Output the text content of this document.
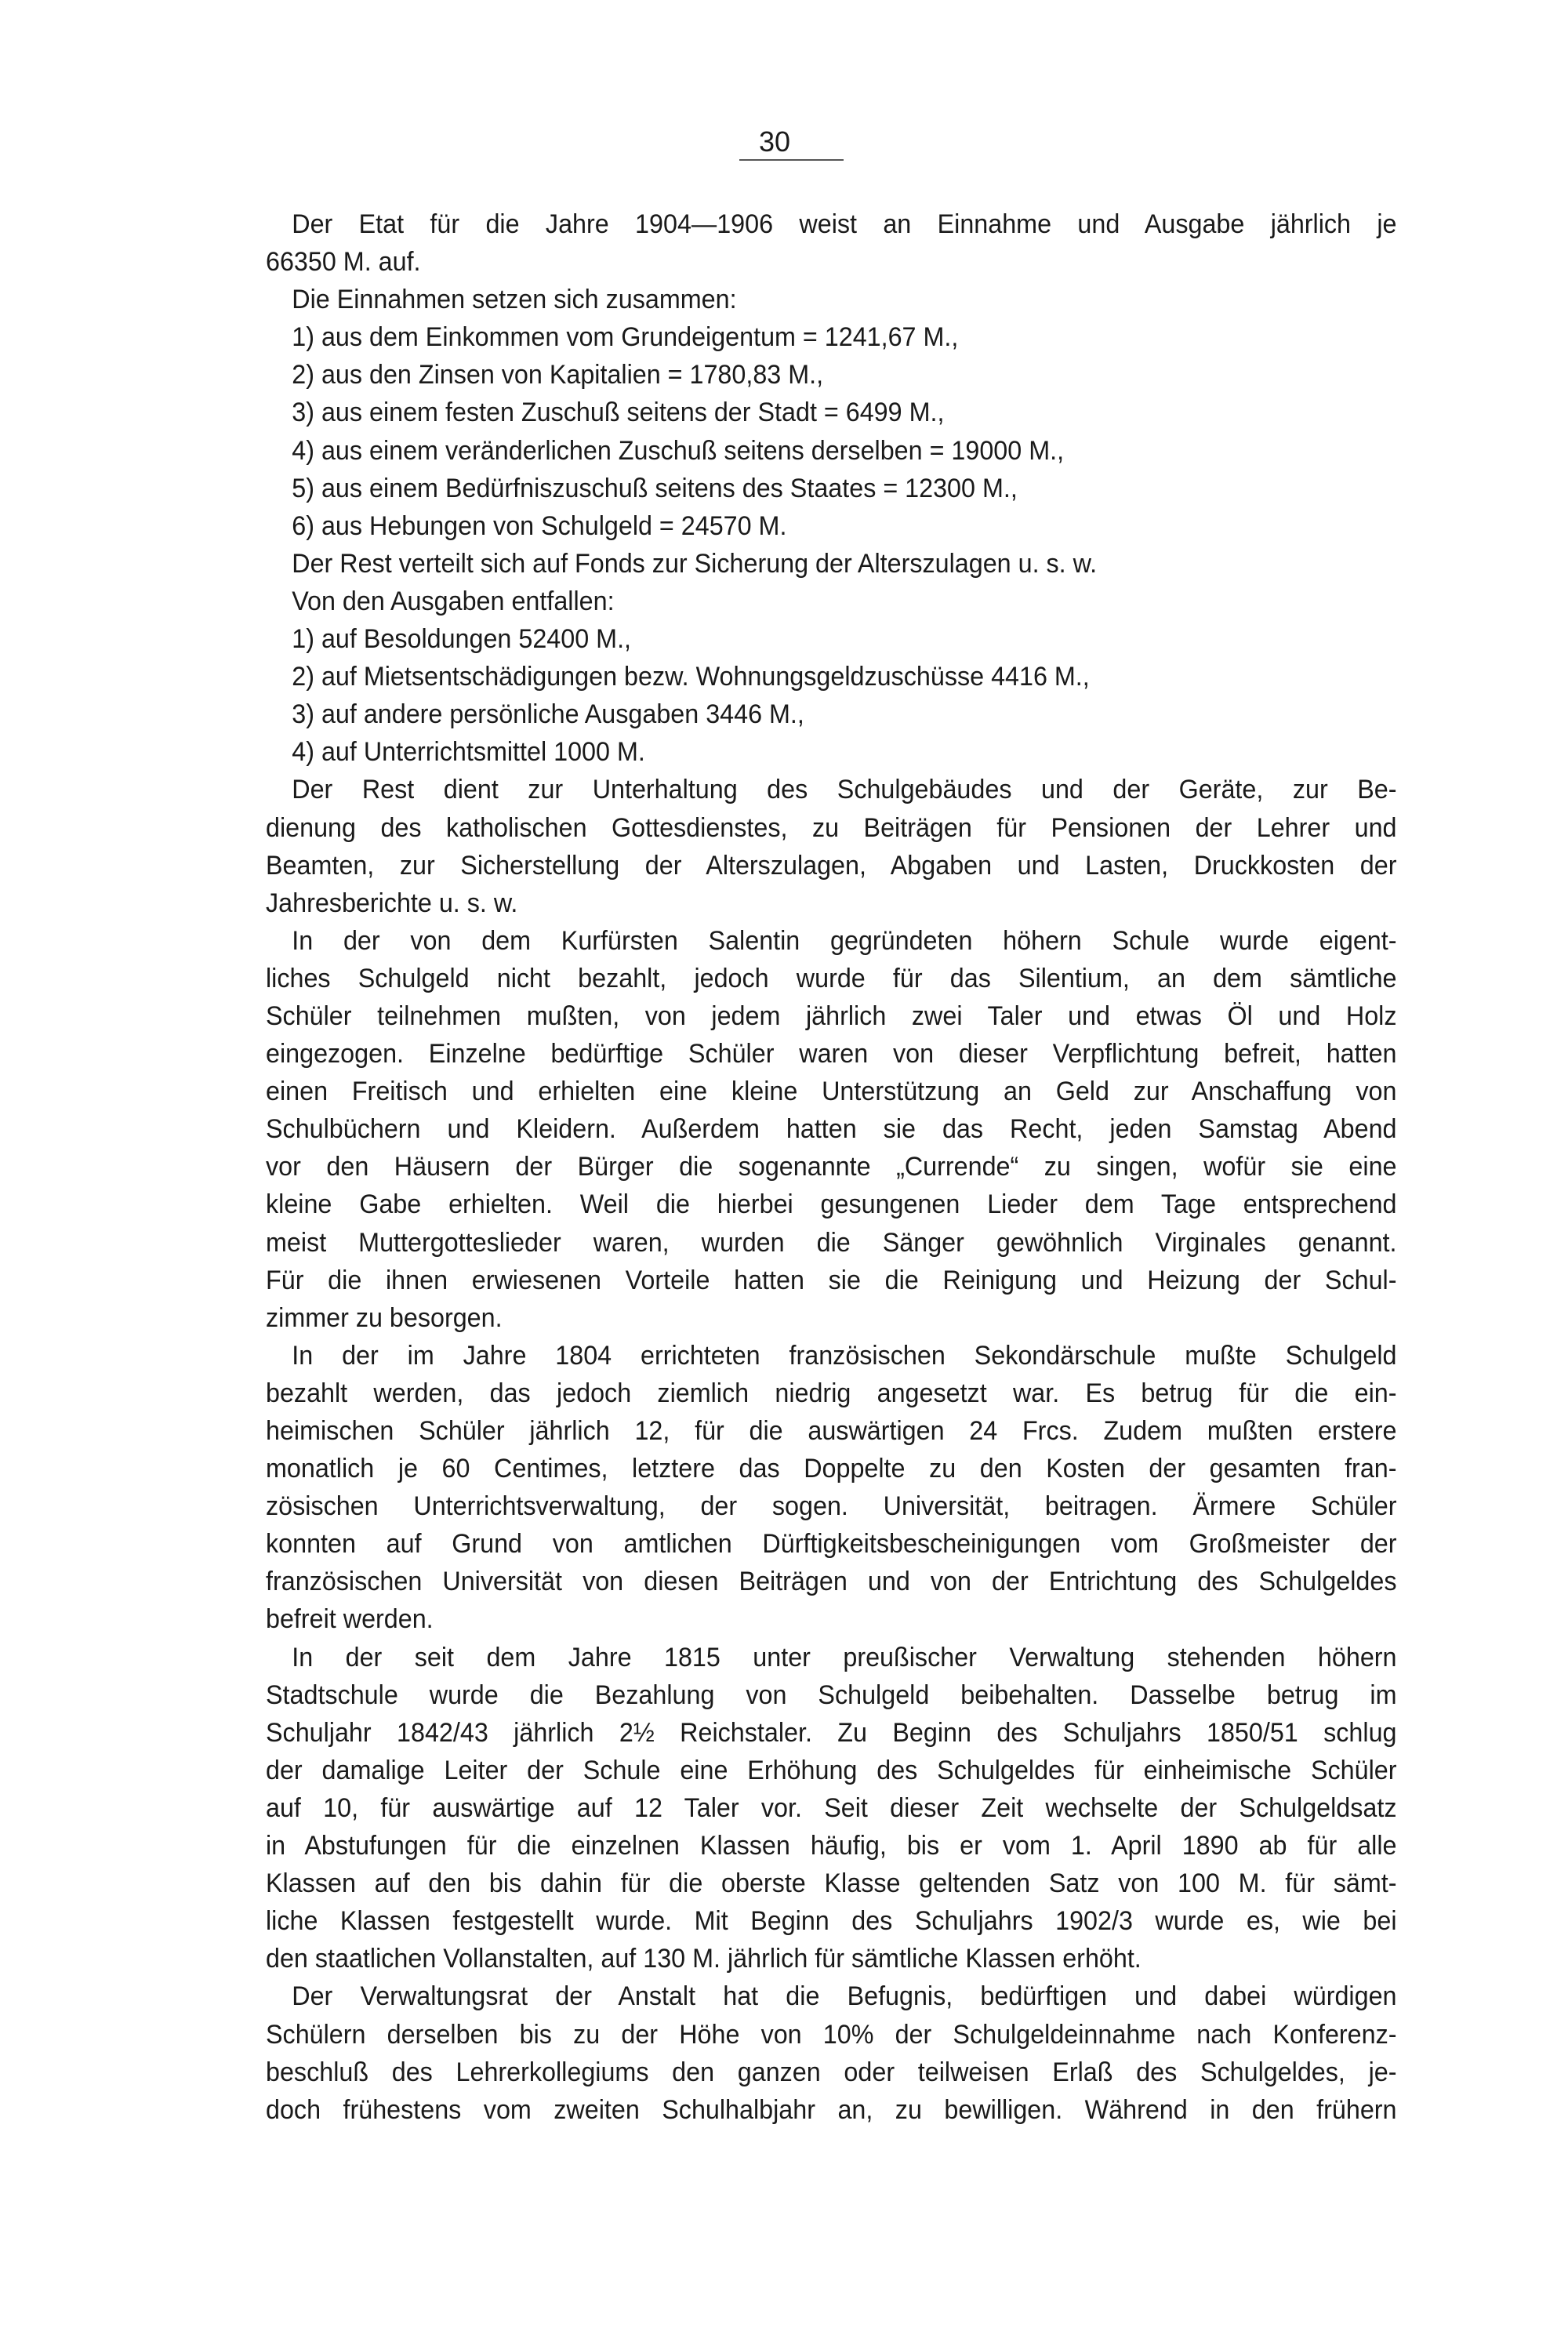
30
Der Etat für die Jahre 1904—1906 weist an Einnahme und Ausgabe jährlich je
66350 M. auf.
Die Einnahmen setzen sich zusammen:
1) aus dem Einkommen vom Grundeigentum = 1241,67 M.,
2) aus den Zinsen von Kapitalien = 1780,83 M.,
3) aus einem festen Zuschuß seitens der Stadt = 6499 M.,
4) aus einem veränderlichen Zuschuß seitens derselben = 19000 M.,
5) aus einem Bedürfniszuschuß seitens des Staates = 12300 M.,
6) aus Hebungen von Schulgeld = 24570 M.
Der Rest verteilt sich auf Fonds zur Sicherung der Alterszulagen u. s. w.
Von den Ausgaben entfallen:
1) auf Besoldungen 52400 M.,
2) auf Mietsentschädigungen bezw. Wohnungsgeldzuschüsse 4416 M.,
3) auf andere persönliche Ausgaben 3446 M.,
4) auf Unterrichtsmittel 1000 M.
Der Rest dient zur Unterhaltung des Schulgebäudes und der Geräte, zur Be-
dienung des katholischen Gottesdienstes, zu Beiträgen für Pensionen der Lehrer und
Beamten, zur Sicherstellung der Alterszulagen, Abgaben und Lasten, Druckkosten der
Jahresberichte u. s. w.
In der von dem Kurfürsten Salentin gegründeten höhern Schule wurde eigent-
liches Schulgeld nicht bezahlt, jedoch wurde für das Silentium, an dem sämtliche
Schüler teilnehmen mußten, von jedem jährlich zwei Taler und etwas Öl und Holz
eingezogen. Einzelne bedürftige Schüler waren von dieser Verpflichtung befreit, hatten
einen Freitisch und erhielten eine kleine Unterstützung an Geld zur Anschaffung von
Schulbüchern und Kleidern. Außerdem hatten sie das Recht, jeden Samstag Abend
vor den Häusern der Bürger die sogenannte „Currende“ zu singen, wofür sie eine
kleine Gabe erhielten. Weil die hierbei gesungenen Lieder dem Tage entsprechend
meist Muttergotteslieder waren, wurden die Sänger gewöhnlich Virginales genannt.
Für die ihnen erwiesenen Vorteile hatten sie die Reinigung und Heizung der Schul-
zimmer zu besorgen.
In der im Jahre 1804 errichteten französischen Sekondärschule mußte Schulgeld
bezahlt werden, das jedoch ziemlich niedrig angesetzt war. Es betrug für die ein-
heimischen Schüler jährlich 12, für die auswärtigen 24 Frcs. Zudem mußten erstere
monatlich je 60 Centimes, letztere das Doppelte zu den Kosten der gesamten fran-
zösischen Unterrichtsverwaltung, der sogen. Universität, beitragen. Ärmere Schüler
konnten auf Grund von amtlichen Dürftigkeitsbescheinigungen vom Großmeister der
französischen Universität von diesen Beiträgen und von der Entrichtung des Schulgeldes
befreit werden.
In der seit dem Jahre 1815 unter preußischer Verwaltung stehenden höhern
Stadtschule wurde die Bezahlung von Schulgeld beibehalten. Dasselbe betrug im
Schuljahr 1842/43 jährlich 2½ Reichstaler. Zu Beginn des Schuljahrs 1850/51 schlug
der damalige Leiter der Schule eine Erhöhung des Schulgeldes für einheimische Schüler
auf 10, für auswärtige auf 12 Taler vor. Seit dieser Zeit wechselte der Schulgeldsatz
in Abstufungen für die einzelnen Klassen häufig, bis er vom 1. April 1890 ab für alle
Klassen auf den bis dahin für die oberste Klasse geltenden Satz von 100 M. für sämt-
liche Klassen festgestellt wurde. Mit Beginn des Schuljahrs 1902/3 wurde es, wie bei
den staatlichen Vollanstalten, auf 130 M. jährlich für sämtliche Klassen erhöht.
Der Verwaltungsrat der Anstalt hat die Befugnis, bedürftigen und dabei würdigen
Schülern derselben bis zu der Höhe von 10% der Schulgeldeinnahme nach Konferenz-
beschluß des Lehrerkollegiums den ganzen oder teilweisen Erlaß des Schulgeldes, je-
doch frühestens vom zweiten Schulhalbjahr an, zu bewilligen. Während in den frühern
